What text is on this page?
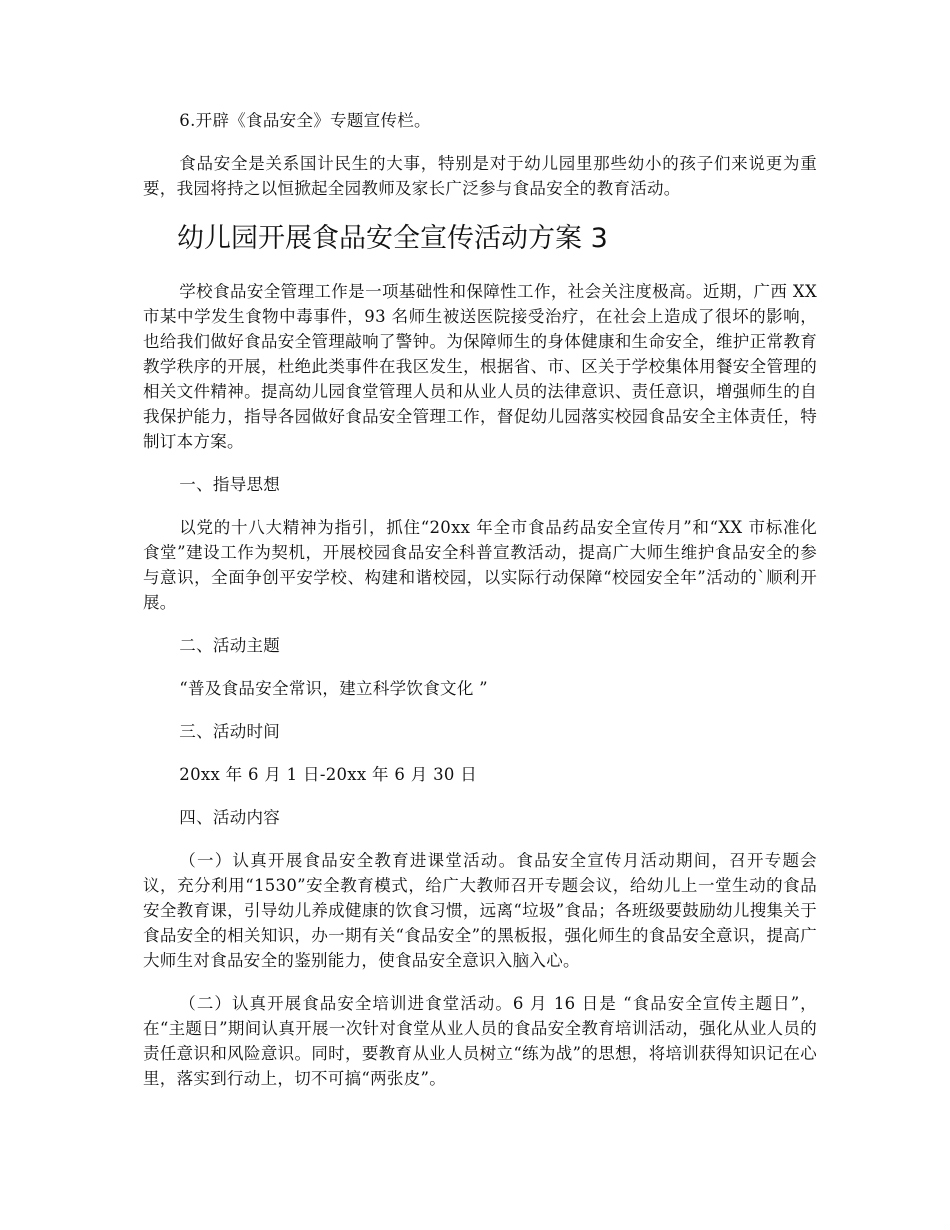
6.开辟《食品安全》专题宣传栏。

食品安全是关系国计民生的大事，特别是对于幼儿园里那些幼小的孩子们来说更为重要，我园将持之以恒掀起全园教师及家长广泛参与食品安全的教育活动。

幼儿园开展食品安全宣传活动方案 3

学校食品安全管理工作是一项基础性和保障性工作，社会关注度极高。近期，广西 XX 市某中学发生食物中毒事件，93 名师生被送医院接受治疗，在社会上造成了很坏的影响，也给我们做好食品安全管理敲响了警钟。为保障师生的身体健康和生命安全，维护正常教育教学秩序的开展，杜绝此类事件在我区发生，根据省、市、区关于学校集体用餐安全管理的相关文件精神。提高幼儿园食堂管理人员和从业人员的法律意识、责任意识，增强师生的自我保护能力，指导各园做好食品安全管理工作，督促幼儿园落实校园食品安全主体责任，特制订本方案。

一、指导思想

以党的十八大精神为指引，抓住“20xx 年全市食品药品安全宣传月”和“XX 市标准化食堂”建设工作为契机，开展校园食品安全科普宣教活动，提高广大师生维护食品安全的参与意识，全面争创平安学校、构建和谐校园，以实际行动保障“校园安全年”活动的`顺利开展。

二、活动主题

“普及食品安全常识，建立科学饮食文化 ”

三、活动时间

20xx 年 6 月 1 日-20xx 年 6 月 30 日

四、活动内容

（一）认真开展食品安全教育进课堂活动。食品安全宣传月活动期间，召开专题会议，充分利用“1530”安全教育模式，给广大教师召开专题会议，给幼儿上一堂生动的食品安全教育课，引导幼儿养成健康的饮食习惯，远离“垃圾”食品；各班级要鼓励幼儿搜集关于食品安全的相关知识，办一期有关“食品安全”的黑板报，强化师生的食品安全意识，提高广大师生对食品安全的鉴别能力，使食品安全意识入脑入心。

（二）认真开展食品安全培训进食堂活动。6 月 16 日是 “食品安全宣传主题日”，在“主题日”期间认真开展一次针对食堂从业人员的食品安全教育培训活动，强化从业人员的责任意识和风险意识。同时，要教育从业人员树立“练为战”的思想，将培训获得知识记在心里，落实到行动上，切不可搞“两张皮”。
